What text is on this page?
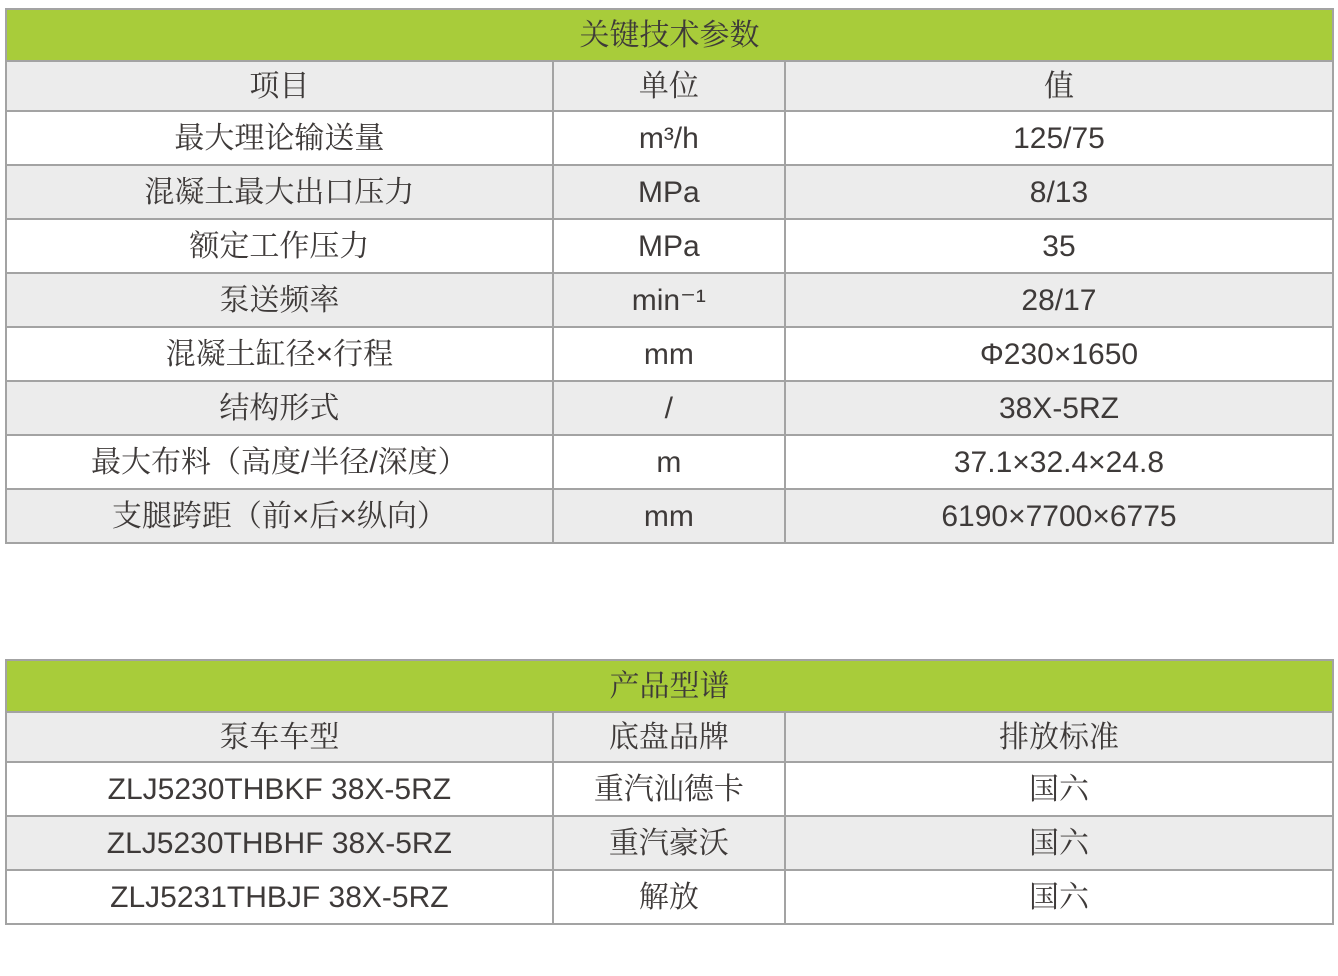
关键技术参数		
项目	单位	值
最大理论输送量	m³/h	125/75
混凝土最大出口压力	MPa	8/13
额定工作压力	MPa	35
泵送频率	min⁻¹	28/17
混凝土缸径×行程	mm	Φ230×1650
结构形式	/	38X-5RZ
最大布料（高度/半径/深度）	m	37.1×32.4×24.8
支腿跨距（前×后×纵向）	mm	6190×7700×6775
产品型谱		
泵车车型	底盘品牌	排放标准
ZLJ5230THBKF 38X-5RZ	重汽汕德卡	国六
ZLJ5230THBHF 38X-5RZ	重汽豪沃	国六
ZLJ5231THBJF 38X-5RZ	解放	国六
